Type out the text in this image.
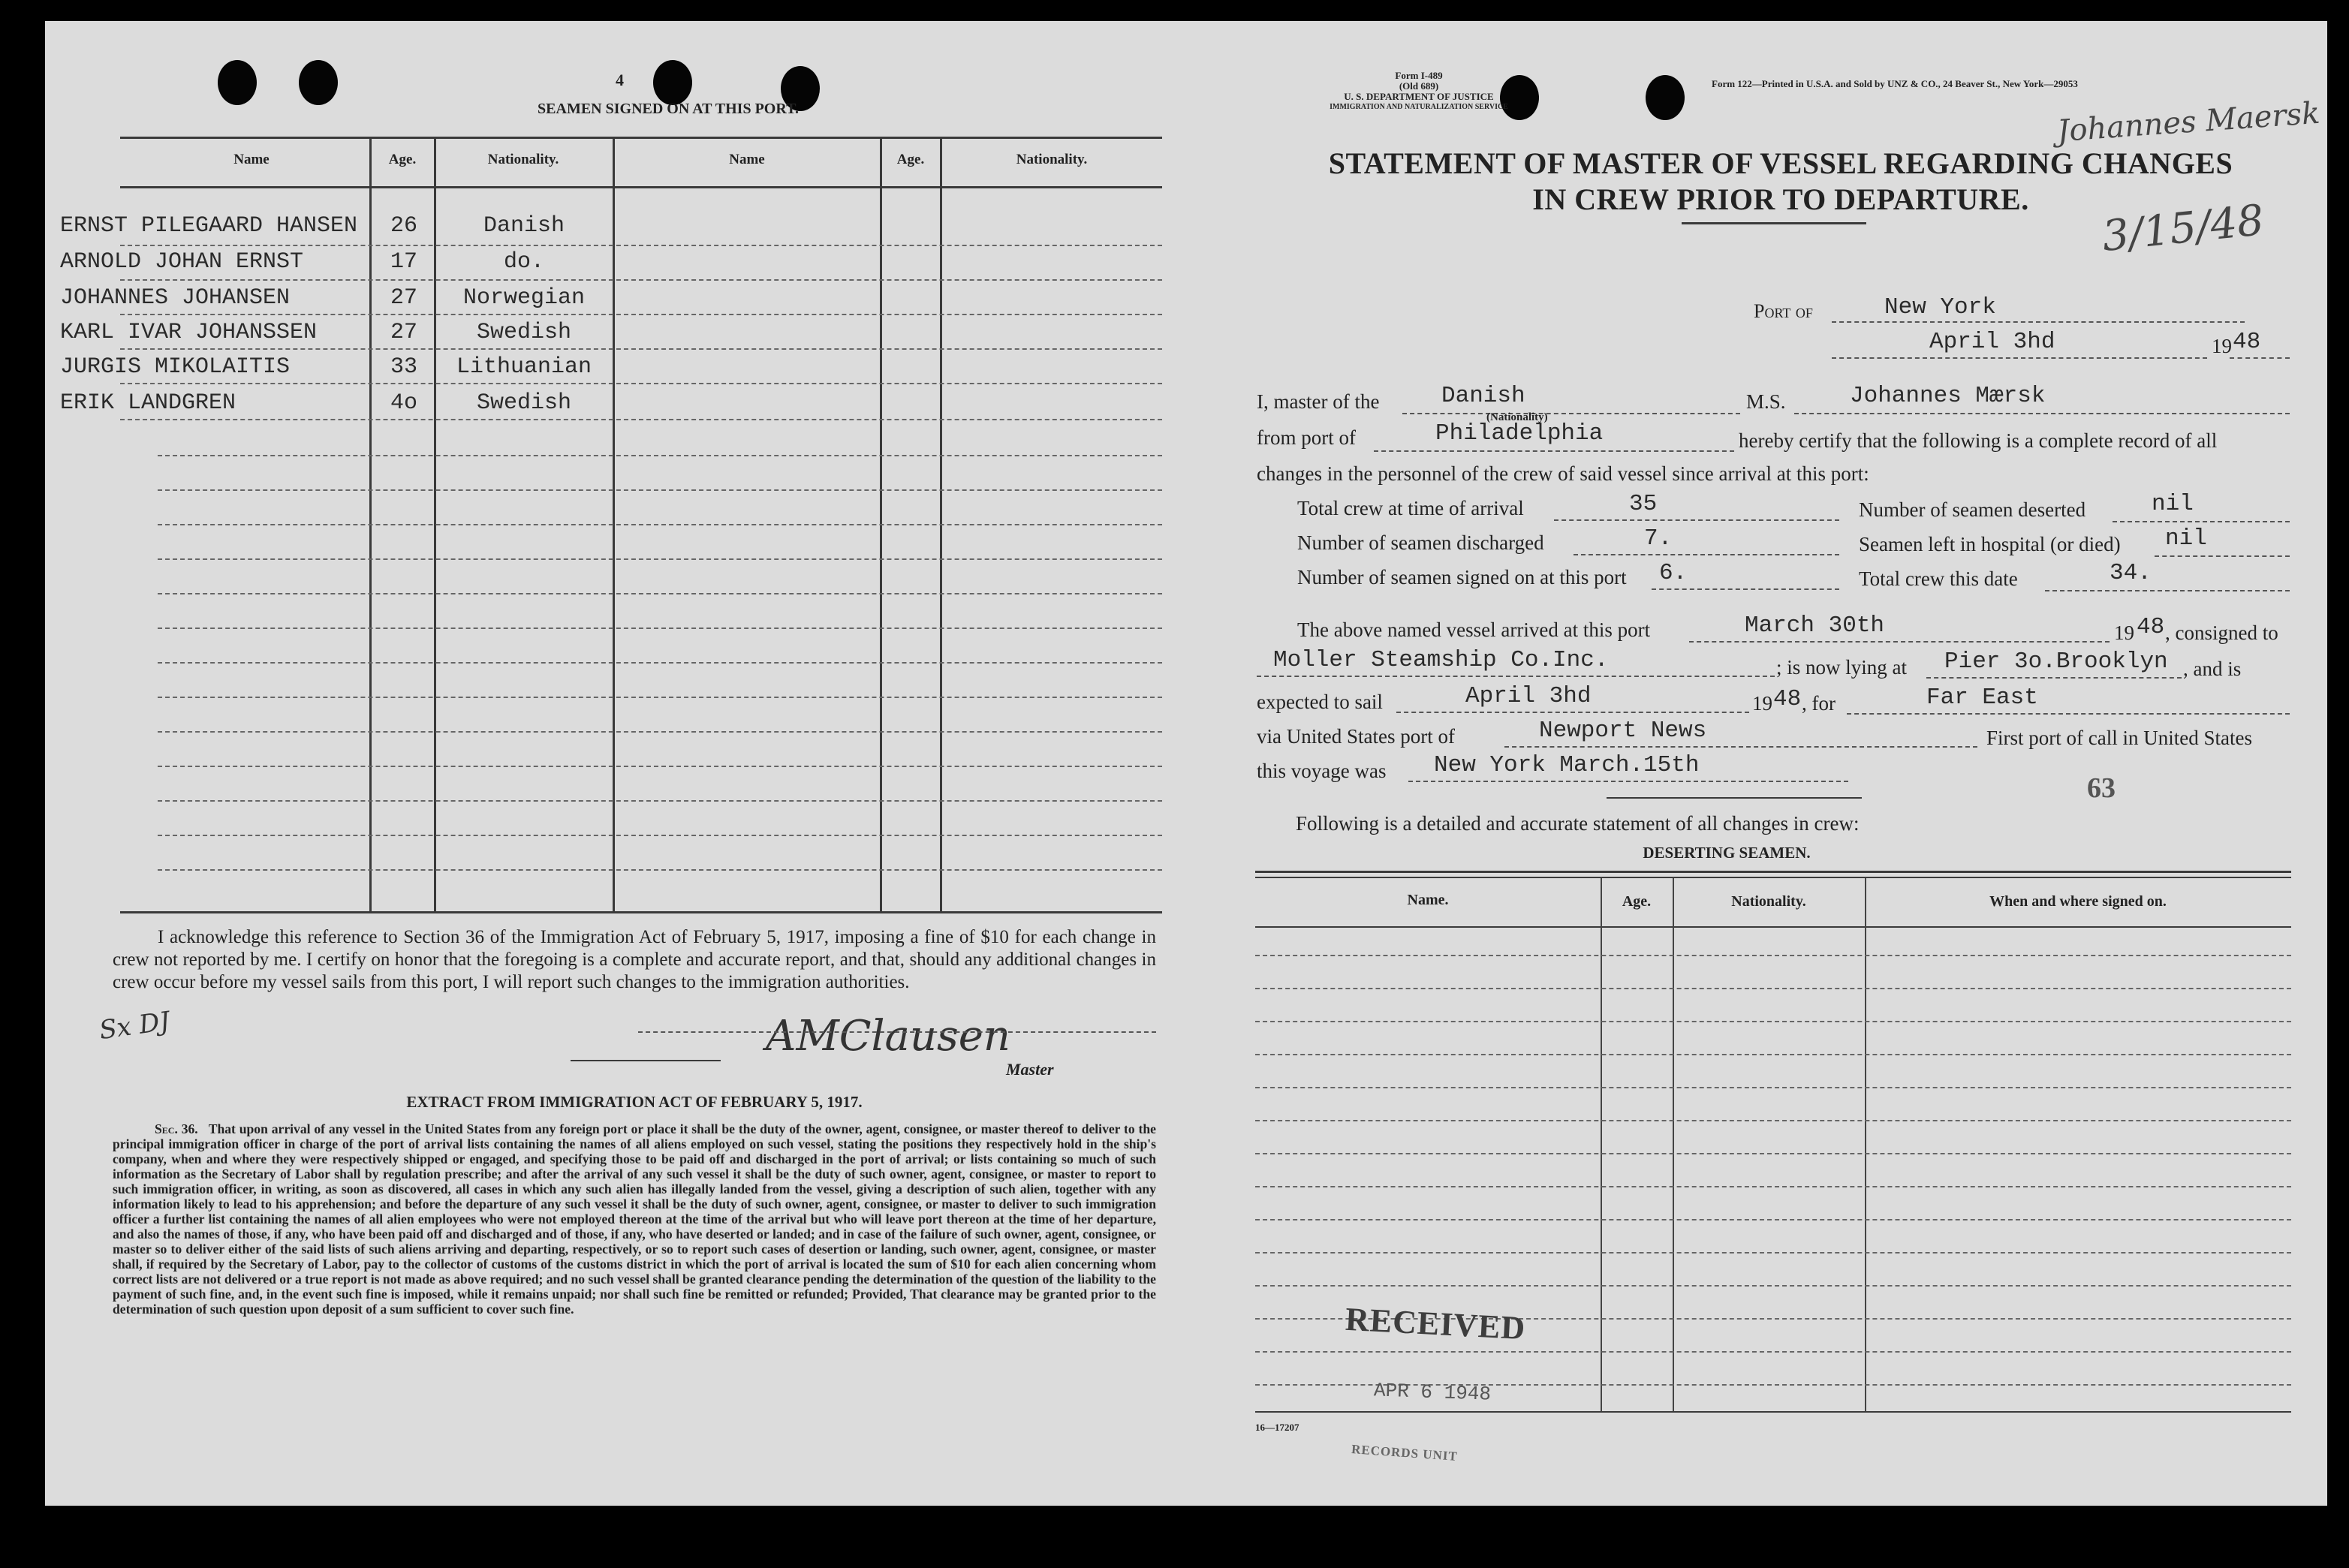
4
SEAMEN SIGNED ON AT THIS PORT.
Name	Age.	Nationality.	Name	Age.	Nationality.
ERNST PILEGAARD HANSEN	26	Danish
ARNOLD JOHAN ERNST	17	do.
JOHANNES JOHANSEN	27	Norwegian
KARL IVAR JOHANSSEN	27	Swedish
JURGIS MIKOLAITIS	33	Lithuanian
ERIK LANDGREN	4o	Swedish
I acknowledge this reference to Section 36 of the Immigration Act of February 5, 1917, imposing a fine of $10 for each change in crew not reported by me. I certify on honor that the foregoing is a complete and accurate report, and that, should any additional changes in crew occur before my vessel sails from this port, I will report such changes to the immigration authorities.
Sx DJ	AMClausen
Master
EXTRACT FROM IMMIGRATION ACT OF FEBRUARY 5, 1917.
Sec. 36. That upon arrival of any vessel in the United States from any foreign port or place it shall be the duty of the owner, agent, consignee, or master thereof to deliver to the principal immigration officer in charge of the port of arrival lists containing the names of all aliens employed on such vessel, stating the positions they respectively hold in the ship's company, when and where they were respectively shipped or engaged, and specifying those to be paid off and discharged in the port of arrival; or lists containing so much of such information as the Secretary of Labor shall by regulation prescribe; and after the arrival of any such vessel it shall be the duty of such owner, agent, consignee, or master to report to such immigration officer, in writing, as soon as discovered, all cases in which any such alien has illegally landed from the vessel, giving a description of such alien, together with any information likely to lead to his apprehension; and before the departure of any such vessel it shall be the duty of such owner, agent, consignee, or master to deliver to such immigration officer a further list containing the names of all alien employees who were not employed thereon at the time of the arrival but who will leave port thereon at the time of her departure, and also the names of those, if any, who have been paid off and discharged and of those, if any, who have deserted or landed; and in case of the failure of such owner, agent, consignee, or master so to deliver either of the said lists of such aliens arriving and departing, respectively, or so to report such cases of desertion or landing, such owner, agent, consignee, or master shall, if required by the Secretary of Labor, pay to the collector of customs of the customs district in which the port of arrival is located the sum of $10 for each alien concerning whom correct lists are not delivered or a true report is not made as above required; and no such vessel shall be granted clearance pending the determination of the question of the liability to the payment of such fine, and, in the event such fine is imposed, while it remains unpaid; nor shall such fine be remitted or refunded; Provided, That clearance may be granted prior to the determination of such question upon deposit of a sum sufficient to cover such fine.
Form I-489
(Old 689)
U. S. DEPARTMENT OF JUSTICE
IMMIGRATION AND NATURALIZATION SERVICE
Form 122—Printed in U.S.A. and Sold by UNZ & CO., 24 Beaver St., New York—29053
Johannes Maersk
3/15/48
STATEMENT OF MASTER OF VESSEL REGARDING CHANGES
IN CREW PRIOR TO DEPARTURE.
Port of	New York
April 3hd	19 48
I, master of the	Danish
(Nationality)
M.S.	Johannes Mærsk
from port of	Philadelphia	hereby certify that the following is a complete record of all
changes in the personnel of the crew of said vessel since arrival at this port:
Total crew at time of arrival	35	Number of seamen deserted	nil
Number of seamen discharged	7.	Seamen left in hospital (or died) nil
Number of seamen signed on at this port 6.	Total crew this date	34.
The above named vessel arrived at this port	March 30th	19 48 , consigned to
Moller Steamship Co.Inc.	; is now lying at Pier 3o.Brooklyn , and is
expected to sail	April 3hd	19 48 , for	Far East
via United States port of	Newport News	First port of call in United States
this voyage was New York March.15th
63
Following is a detailed and accurate statement of all changes in crew:
DESERTING SEAMEN.
Name.	Age.	Nationality.	When and where signed on.
RECEIVED
APR 6 1948
16—17207
RECORDS UNIT
